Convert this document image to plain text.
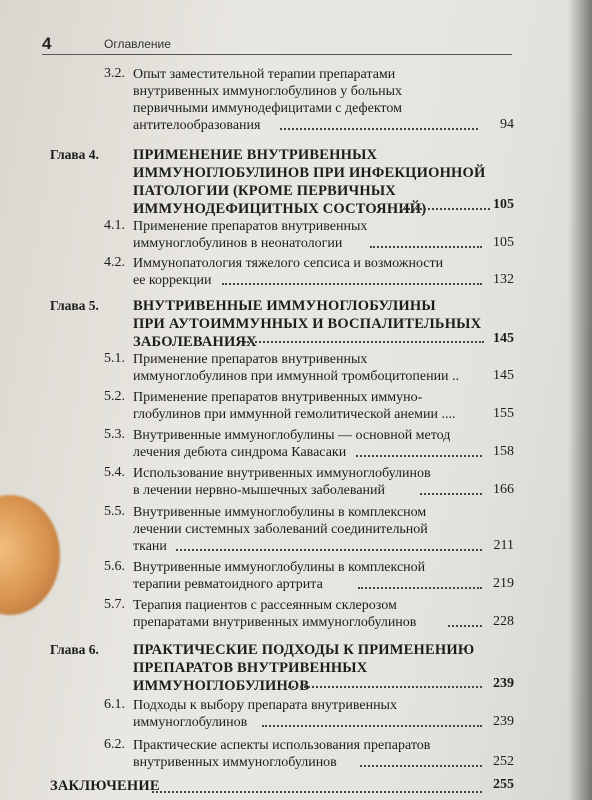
4	Оглавление
3.2. Опыт заместительной терапии препаратами
внутривенных иммуноглобулинов у больных
первичными иммунодефицитами с дефектом
антителообразования	94
Глава 4. ПРИМЕНЕНИЕ ВНУТРИВЕННЫХ
ИММУНОГЛОБУЛИНОВ ПРИ ИНФЕКЦИОННОЙ
ПАТОЛОГИИ (КРОМЕ ПЕРВИЧНЫХ
ИММУНОДЕФИЦИТНЫХ СОСТОЯНИЙ)	105
4.1. Применение препаратов внутривенных
иммуноглобулинов в неонатологии	105
4.2. Иммунопатология тяжелого сепсиса и возможности
ее коррекции	132
Глава 5. ВНУТРИВЕННЫЕ ИММУНОГЛОБУЛИНЫ
ПРИ АУТОИММУННЫХ И ВОСПАЛИТЕЛЬНЫХ
ЗАБОЛЕВАНИЯХ	145
5.1. Применение препаратов внутривенных
иммуноглобулинов при иммунной тромбоцитопении ..	145
5.2. Применение препаратов внутривенных иммуно-
глобулинов при иммунной гемолитической анемии ....	155
5.3. Внутривенные иммуноглобулины — основной метод
лечения дебюта синдрома Кавасаки	158
5.4. Использование внутривенных иммуноглобулинов
в лечении нервно-мышечных заболеваний	166
5.5. Внутривенные иммуноглобулины в комплексном
лечении системных заболеваний соединительной
ткани	211
5.6. Внутривенные иммуноглобулины в комплексной
терапии ревматоидного артрита	219
5.7. Терапия пациентов с рассеянным склерозом
препаратами внутривенных иммуноглобулинов	228
Глава 6. ПРАКТИЧЕСКИЕ ПОДХОДЫ К ПРИМЕНЕНИЮ
ПРЕПАРАТОВ ВНУТРИВЕННЫХ
ИММУНОГЛОБУЛИНОВ	239
6.1. Подходы к выбору препарата внутривенных
иммуноглобулинов	239
6.2. Практические аспекты использования препаратов
внутривенных иммуноглобулинов	252
ЗАКЛЮЧЕНИЕ	255
